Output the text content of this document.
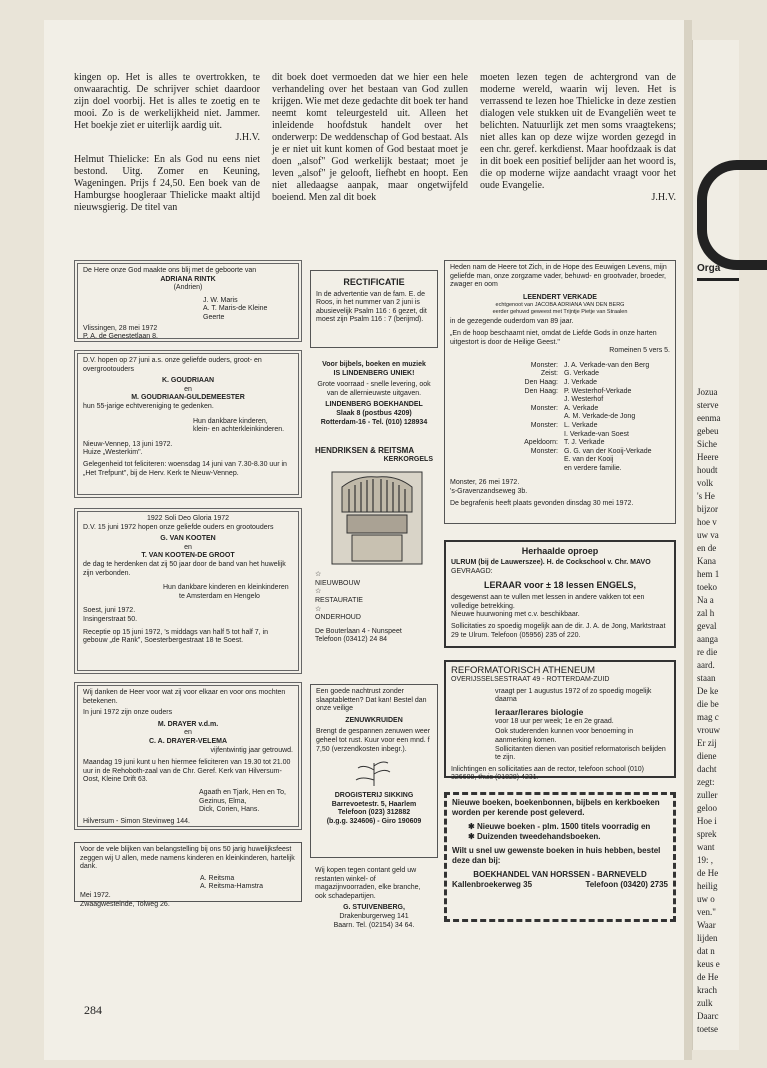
kingen op. Het is alles te overtrokken, te onwaarachtig. De schrijver schiet daardoor zijn doel voorbij. Het is alles te zoetig en te mooi. Zo is de werkelijkheid niet. Jammer. Het boekje ziet er uiterlijk aardig uit.

J.H.V.

Helmut Thielicke: En als God nu eens niet bestond. Uitg. Zomer en Keuning, Wageningen. Prijs f 24,50. Een boek van de Hamburgse hoogleraar Thielicke maakt altijd nieuwsgierig. De titel van

dit boek doet vermoeden dat we hier een hele verhandeling over het bestaan van God zullen krijgen. Wie met deze gedachte dit boek ter hand neemt komt teleurgesteld uit. Alleen het inleidende hoofdstuk handelt over het onderwerp: De weddenschap of God bestaat. Als je er niet uit kunt komen of God bestaat moet je doen „alsof" God werkelijk bestaat; moet je leven „alsof" je gelooft, liefhebt en hoopt. Een niet alledaagse aanpak, maar ongetwijfeld boeiend. Men zal dit boek

moeten lezen tegen de achtergrond van de moderne wereld, waarin wij leven. Het is verrassend te lezen hoe Thielicke in deze zestien dialogen vele stukken uit de Evangeliën weet te belichten. Natuurlijk zet men soms vraagtekens; niet alles kan op deze wijze worden gezegd in een chr. geref. kerkdienst. Maar hoofdzaak is dat in dit boek een positief belijder aan het woord is, die op moderne wijze aandacht vraagt voor het oude Evangelie.

J.H.V.

De Here onze God maakte ons blij met de geboorte van

ADRIANA RINTK

(Andrien)

J. W. Maris

A. T. Maris-de Kleine

Geerte

Vlissingen, 28 mei 1972

P. A. de Genestetlaan 8.

D.V. hopen op 27 juni a.s. onze geliefde ouders, groot- en overgrootouders

K. GOUDRIAAN

en

M. GOUDRIAAN-GULDEMEESTER

hun 55-jarige echtvereniging te gedenken.

Hun dankbare kinderen,

klein- en achterkleinkinderen.

Nieuw-Vennep, 13 juni 1972.

Huize „Westerkim".

Gelegenheid tot feliciteren: woensdag 14 juni van 7.30-8.30 uur in „Het Trefpunt", bij de Herv. Kerk te Nieuw-Vennep.

1922 Soli Deo Gloria 1972

D.V. 15 juni 1972 hopen onze geliefde ouders en grootouders

G. VAN KOOTEN

en

T. VAN KOOTEN-DE GROOT

de dag te herdenken dat zij 50 jaar door de band van het huwelijk zijn verbonden.

Hun dankbare kinderen en kleinkinderen

te Amsterdam en Hengelo

Soest, juni 1972.

Insingerstraat 50.

Receptie op 15 juni 1972, 's middags van half 5 tot half 7, in gebouw „de Rank", Soesterbergestraat 18 te Soest.

Wij danken de Heer voor wat zij voor elkaar en voor ons mochten betekenen.

In juni 1972 zijn onze ouders

M. DRAYER v.d.m.

en

C. A. DRAYER-VELEMA

vijfentwintig jaar getrouwd.

Maandag 19 juni kunt u hen hiermee feliciteren van 19.30 tot 21.00 uur in de Rehoboth-zaal van de Chr. Geref. Kerk van Hilversum-Oost, Kleine Drift 63.

Agaath en Tjark, Hen en To,

Gezinus, Elma,

Dick, Corien, Hans.

Hilversum - Simon Stevinweg 144.

Voor de vele blijken van belangstelling bij ons 50 jarig huwelijksfeest zeggen wij U allen, mede namens kinderen en kleinkinderen, hartelijk dank.

A. Reitsma

A. Reitsma-Hamstra

Mei 1972.

Zwaagwesteinde, Tolweg 26.

RECTIFICATIE

In de advertentie van de fam. E. de Roos, in het nummer van 2 juni is abusievelijk Psalm 116 : 6 gezet, dit moest zijn Psalm 116 : 7 (berijmd).

Voor bijbels, boeken en muziek

IS LINDENBERG UNIEK!

Grote voorraad - snelle levering, ook van de allernieuwste uitgaven.

LINDENBERG BOEKHANDEL

Slaak 8 (postbus 4209)

Rotterdam-16 - Tel. (010) 128934

HENDRIKSEN & REITSMA

KERKORGELS

☆
NIEUWBOUW
☆
RESTAURATIE
☆
ONDERHOUD

De Bouterlaan 4 - Nunspeet

Telefoon (03412) 24 84

Een goede nachtrust zonder slaaptabletten? Dat kan! Bestel dan onze veilige

ZENUWKRUIDEN

Brengt de gespannen zenuwen weer geheel tot rust. Kuur voor een mnd. f 7,50 (verzendkosten inbegr.).

DROGISTERIJ SIKKING

Barrevoetestr. 5, Haarlem

Telefoon (023) 312882

(b.g.g. 324606) - Giro 190609

Wij kopen tegen contant geld uw restanten winkel- of magazijnvoorraden, elke branche, ook schadepartijen.

G. STUIVENBERG,

Drakenburgerweg 141

Baarn. Tel. (02154) 34 64.

Heden nam de Heere tot Zich, in de Hope des Eeuwigen Levens, mijn geliefde man, onze zorgzame vader, behuwd- en grootvader, broeder, zwager en oom

LEENDERT VERKADE

echtgenoot van JACOBA ADRIANA VAN DEN BERG

eerder gehuwd geweest met Trijntje Pietje van Straalen

in de gezegende ouderdom van 89 jaar.

„En de hoop beschaamt niet, omdat de Liefde Gods in onze harten uitgestort is door de Heilige Geest."

Romeinen 5 vers 5.

Monster: J. A. Verkade-van den Berg
Zeist: G. Verkade
Den Haag: J. Verkade
Den Haag: P. Westerhof-Verkade
J. Westerhof
Monster: A. Verkade
A. M. Verkade-de Jong
Monster: L. Verkade
I. Verkade-van Soest
Apeldoorn: T. J. Verkade
Monster: G. G. van der Kooij-Verkade
E. van der Kooij
en verdere familie.

Monster, 26 mei 1972.

's-Gravenzandseweg 3b.

De begrafenis heeft plaats gevonden dinsdag 30 mei 1972.

Herhaalde oproep

ULRUM (bij de Lauwerszee). H. de Cockschool v. Chr. MAVO

GEVRAAGD:

LERAAR voor ± 18 lessen ENGELS,

desgewenst aan te vullen met lessen in andere vakken tot een volledige betrekking.

Nieuwe huurwoning met c.v. beschikbaar.

Sollicitaties zo spoedig mogelijk aan de dir. J. A. de Jong, Marktstraat 29 te Ulrum. Telefoon (05956) 235 of 220.

REFORMATORISCH ATHENEUM

OVERIJSSELSESTRAAT 49 - ROTTERDAM-ZUID

vraagt per 1 augustus 1972 of zo spoedig mogelijk daarna

leraar/lerares biologie

voor 18 uur per week; 1e en 2e graad.

Ook studerenden kunnen voor benoeming in aanmerking komen.

Sollicitanten dienen van positief reformatorisch belijden te zijn.

Inlichtingen en sollicitaties aan de rector, telefoon school (010) 326608, thuis (01828) 4231.

Nieuwe boeken, boekenbonnen, bijbels en kerkboeken worden per kerende post geleverd.

✱ Nieuwe boeken - plm. 1500 titels voorradig en

✱ Duizenden tweedehandsboeken.

Wilt u snel uw gewenste boeken in huis hebben, bestel deze dan bij:

BOEKHANDEL VAN HORSSEN - BARNEVELD

Kallenbroekerweg 35	Telefoon (03420) 2735

284
Orga
Jozua
sterve
eenma
gebeu
Siche
Heere
houdt
volk
's He
bijzor
hoe v
uw va
en de
Kana
hem 1
toeko
Na a
zal h
geval
aanga
re die
aard.
staan
De ke
die be
mag c
vrouw
Er zij
diene
dacht
zegt:
zuller
geloo
Hoe i
sprek
want
19: ,
de He
heilig
uw o
ven."
Waar
lijden
dat n
keus e
de He
krach
zulk
Daarc
toetse
